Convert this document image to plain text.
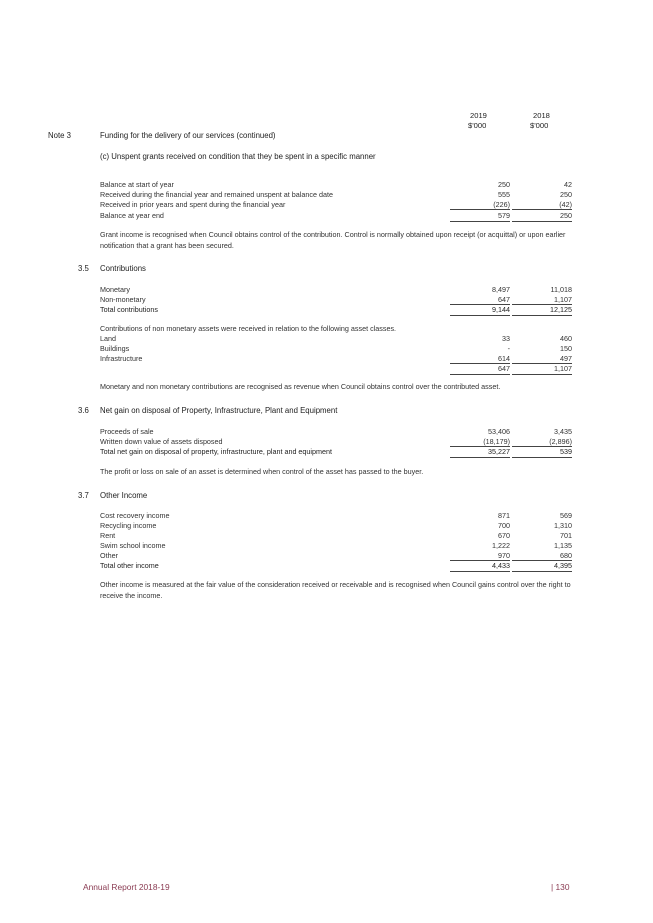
2019	2018
$'000	$'000
Note 3	Funding for the delivery of our services (continued)
(c) Unspent grants received on condition that they be spent in a specific manner
Balance at start of year	250	42
Received during the financial year and remained unspent at balance date	555	250
Received in prior years and spent during the financial year	(226)	(42)
Balance at year end	579	250
Grant income is recognised when Council obtains control of the contribution. Control is normally obtained upon receipt (or acquittal) or upon earlier notification that a grant has been secured.
3.5 Contributions
Monetary	8,497	11,018
Non-monetary	647	1,107
Total contributions	9,144	12,125
Contributions of non monetary assets were received in relation to the following asset classes.
Land	33	460
Buildings	-	150
Infrastructure	614	497
647	1,107
Monetary and non monetary contributions are recognised as revenue when Council obtains control over the contributed asset.
3.6 Net gain on disposal of Property, Infrastructure, Plant and Equipment
Proceeds of sale	53,406	3,435
Written down value of assets disposed	(18,179)	(2,896)
Total net gain on disposal of property, infrastructure, plant and equipment	35,227	539
The profit or loss on sale of an asset is determined when control of the asset has passed to the buyer.
3.7 Other Income
Cost recovery income	871	569
Recycling income	700	1,310
Rent	670	701
Swim school income	1,222	1,135
Other	970	680
Total other income	4,433	4,395
Other income is measured at the fair value of the consideration received or receivable and is recognised when Council gains control over the right to receive the income.
Annual Report 2018-19	| 130
